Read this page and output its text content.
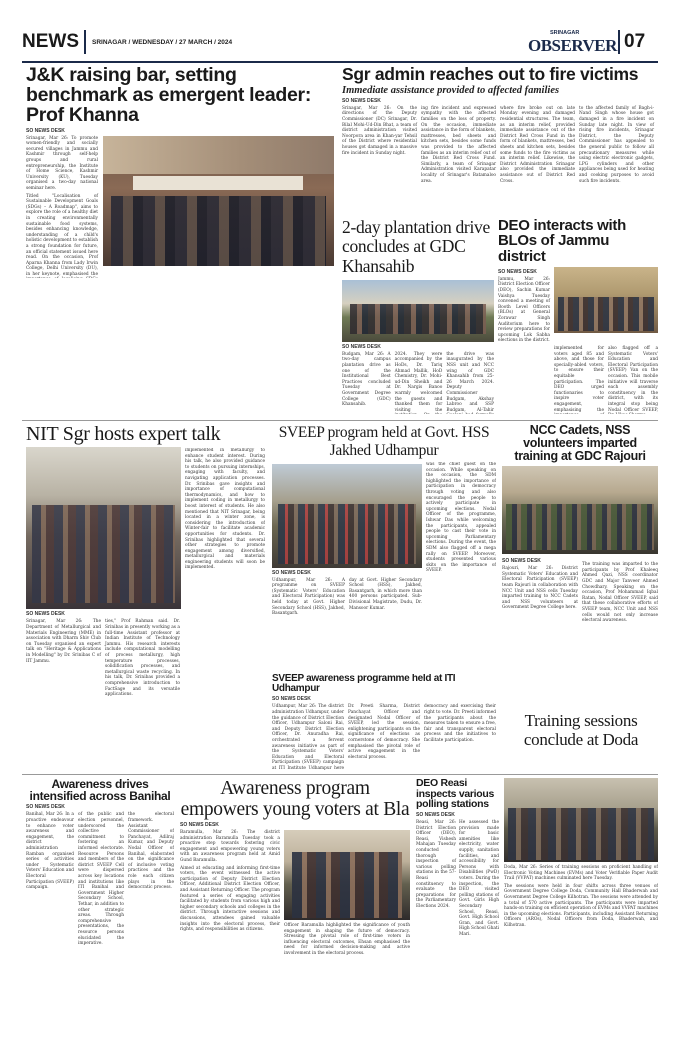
NEWS SRINAGAR / WEDNESDAY / 27 MARCH / 2024
SRINAGAR
OBSERVER 07
J&K raising bar, setting benchmark as emergent leader: Prof Khanna
SO NEWS DESK
Srinagar, Mar 26: To promote women-friendly and socially secured villages in Jammu and Kashmir through self-help groups and rural entrepreneurship, the Institute of Home Science, Kashmir University (KU), Tuesday organised a two-day national seminar here.
Titled "Localisation of Sustainable Development Goals (SDGs) – A Roadmap", aims to explore the role of a healthy diet in creating environmentally sustainable food systems, besides enhancing knowledge, understanding of a child's holistic development to establish a strong foundation for future, an official statement issued here read. On the occasion, Prof Aparna Khanna from Lady Irwin College, Delhi University (DU), in her keynote, emphasised the
Sgr admin reaches out to fire victims
Immediate assistance provided to affected families
SO NEWS DESK
Srinagar, Mar 26: On the directions of the Deputy Commissioner (DC) Srinagar, Dr. Bilal Mohi-Ud-Din Bhat, a team of district administration visited Noorpora area in Khan-yar Tehsil of the District where residential houses got damaged in a massive fire incident in Sunday night.
ing fire incident and expressed sympathy with the affected families on the loss of property. On the occasion, immediate assistance in the form of blankets, mattresses, bed sheets and kitchen sets, besides some funds was provided to the affected families as an interim relief out of the District Red Cross Fund. Similarly, a team of Srinagar Administration visited Karapatar locality of Srinagar's Batamaloo area.
where fire broke out on late Monday evening and damaged residential structures. The team, as an interim relief, provided immediate assistance out of the District Red Cross Fund in the form of blankets, mattresses, bed sheets and kitchen sets, besides some funds to the fire victims as an interim relief. Likewise, the District Administration Srinagar also provided the immediate assistance out of District Red Cross.
to the affected family of Bagh-i-Nand Singh whose house got damaged in a fire incident on Sunday late night. In view of rising fire incidents, Srinagar District, the Deputy Commissioner has appealed to the general public to follow all precautionary measures while using electric electronic gadgets, LPG cylinders and other appliances being used for heating and cooking purposes to avoid such fire incidents.
2-day plantation drive concludes at GDC Khansahib
SO NEWS DESK
Budgam, Mar 26: A two-day campus plantation drive as one of the Institutional Best Practices concluded Tuesday at Government Degree College (GDC) Khansahib.
2024. They were accompanied by the HoDs, Dr. Tariq Ahmad Mallik, HoD Chemistry, Dr. Mohi-ud-Din Sheikh and Dr. Nargis Banoo warmly welcomed the guests and thanked them for visiting the
the drive was inaugurated by the NSS unit and NCC wing of GDC Khansahib from 25-26 March 2024. Deputy Commissioner Budgam, Akshay Labroo and SSP Budgam, Al-Tahir
DEO interacts with BLOs of Jammu district
SO NEWS DESK
Jammu, Mar 26: District Election Officer (DEO), Sachin Kumar Vaishya Tuesday convened a meeting of Booth Level Officers (BLOs) at General Zorawar Singh Auditorium here to review preparations for upcoming Lok Sabha elections in the district.
implemented for voters aged 85 and above, and those for specially-abled voters, to ensure their equitable participation. The DEO urged functionaries to inspire voter engagement, emphasising the
also flagged off a Systematic Voters' Education and Electoral Participation (SVEEP) Van on the occasion. This mobile initiative will traverse each assembly constituency in the district, with its integral stop being Nodal Officer SVEEP,
NIT Sgr hosts expert talk
SO NEWS DESK
Srinagar, Mar 26: The Department of Metallurgical and Materials Engineering (MME) in association with Dharm Shiv Club on Tuesday organised an expert talk on "Heritage & Applications in Modelling" by Dr. Srinibas C of IIT Jammu.
ties," Prof Rahman said. Dr. Srinibas in presently working as a full-time Assistant professor at Indian Institute of Technology Jammu. His research interests include computational modelling of process metallurgy, high temperature processes, solidification processes, and metallurgical waste recycling. In his talk, Dr. Srinibas provided a comprehensive introduction to FactSage and its versatile applications.
implemented in metallurgy to enhance student interest. During his talk, he also provided guidance to students on pursuing internships, engaging with faculty, and navigating application processes. Dr. Srinibas gave insights and importance of computational thermodynamics, and how to implement coding in metallurgy to boost interest of students. He also mentioned that NIT Srinagar, being located in a winter zone, is considering the introduction of Winter-fair to facilitate academic opportunities for students. Dr. Srinibas highlighted that several other strategies to promote engagement among diversified, metallurgical and materials engineering students will soon be implemented.
SVEEP program held at Govt. HSS Jakhed Udhampur
SO NEWS DESK
Udhampur, Mar 26: A programme on SVEEP (Systematic Voters' Education and Electoral Participation) was held today at Govt. Higher Secondary School (HSS), Jakhed, Basantgarh.
day at Govt. Higher Secondary School (HSS), Jakhed, Basantgarh, in which more than 400 persons participated. Sub-Divisional Magistrate, Dudu, Dr. Mansoor Kumar.
was the chief guest on the occasion. While speaking on the occasion, the SDM highlighted the importance of participation in democracy through voting and also encouraged the people to actively participate in upcoming elections. Nodal Officer of the programme, Ishwar Das while welcoming the participants, appealed people to cast their vote in upcoming Parliamentary elections. During the event, the SDM also flagged off a mega rally on SVEEP. Moreover, students presented various skits on the importance of SVEEP.
NCC Cadets, NSS volunteers imparted training at GDC Rajouri
SO NEWS DESK
Rajouri, Mar 26: District Systematic Voters' Education and Electoral Participation (SVEEP) team Rajouri in collaboration with NCC Unit and NSS cells Tuesday imparted training to NCC Cadets and NSS volunteers at Government Degree College here.
The training was imparted to the participants by Prof Khaleeq Ahmed Qazi, NSS coordinator GDC and Major Tanveer Ahmed Chowdhary. Speaking on the occasion, Prof Mohammad Iqbal Ratan, Nodal Officer SVEEP, said that these collaborative efforts of SVEEP team, NCC Unit and NSS cells would not only increase electoral awareness.
SVEEP awareness programme held at ITI Udhampur
SO NEWS DESK
Udhampur, Mar 26: The district administration Udhampur, under the guidance of District Election Officer, Udhampur Saloni Rai, and Deputy District Election Officer, Dr. Anuradha Rai, orchestrated a fervent awareness initiative as part of the Systematic Voters' Education and Electoral Participation (SVEEP) campaign at ITI Institute Udhampur here
Dr. Preeti Sharma, District Panchayat Officer and designated Nodal Officer of SVEEP, led the session, enlightening participants on the significance of elections as cornerstone of democracy. She emphasised the pivotal role of active engagement in the electoral process.
democracy and exercising their right to vote. Dr. Preeti informed the participants about the measures taken to ensure a free, fair and transparent electoral process and the initiatives to facilitate participation.
Training sessions conclude at Doda
Awareness drives intensified across Banihal
SO NEWS DESK
Banihal, Mar 26: In a proactive endeavour to enhance voter awareness and engagement, the district administration Ramban organised series of activities under Systematic Voters' Education and Electoral Participation (SVEEP) campaign.
of the public and election personnel, underscored the collective commitment to fostering an informed electorate. Resource Persons and members of the district SVEEP Cell were dispersed across key locations and institutions like ITI Banihal and Government Higher Secondary School, Tethar, in addition to other strategic areas. Through comprehensive presentations, the resource persons elucidated the imperative.
the electoral framework. Assistant Commissioner of Panchayat, Adilraj Kumar, and Deputy Nodal Officer of Banihal, elaborated on the significance of inclusive voting practices and the role each citizen plays in the democratic process.
Awareness program empowers young voters at Bla
SO NEWS DESK
Baramulla, Mar 26: The district administration Baramulla Tuesday took a proactive step towards fostering civic engagement and empowering young voters with an awareness program held at Amid Gund Baramulla.
Aimed at educating and informing first-time voters, the event witnessed the active participation of Deputy District Election Officer, Additional District Election Officer, and Assistant Returning Officer. The program featured a series of engaging activities facilitated by students from various high and higher secondary schools and colleges in the district. Through interactive sessions and discussions, attendees gained valuable insights into the electoral process, their rights, and responsibilities as citizens.
Officer Baramulla highlighted the significance of youth engagement in shaping the future of democracy. Stressing the pivotal role of first-time voters in influencing electoral outcomes, Ehsan emphasised the need for informed decision-making and active involvement in the electoral process.
DEO Reasi inspects various polling stations
SO NEWS DESK
Reasi, Mar 26: District Election Officer (DEO), Reasi, Vishesh Mahajan Tuesday conducted thorough inspection of various polling stations in the 57-Reasi constituency to evaluate the preparations for the Parliamentary Elections 2024.
He assessed the provision made for basic amenities like electricity, water supply, sanitation facilities, and accessibility for Persons with Disabilities (PwD) voters. During the inspection, the DEO visited polling stations of Govt. Girls High Secondary School, Reasi, Govt. High School Gran, and Govt. High School Ghati Mari.
Doda, Mar 26: Series of training sessions on proficient handling of Electronic Voting Machines (EVMs) and Voter Verifiable Paper Audit Trail (VVPAT) machines culminated here Tuesday.
The sessions were held in four shifts across three venues of Government Degree College Doda, Community Hall Bhaderwah and Government Degree College Kilhotran. The sessions were attended by a total of 570 active participants. The participants were imparted hands-on training on efficient operation of EVMs and VVPAT machines in the upcoming elections. Participants, including Assistant Returning Officers (AROs), Nodal Officers from Doda, Bhaderwah, and Kilhotran.
